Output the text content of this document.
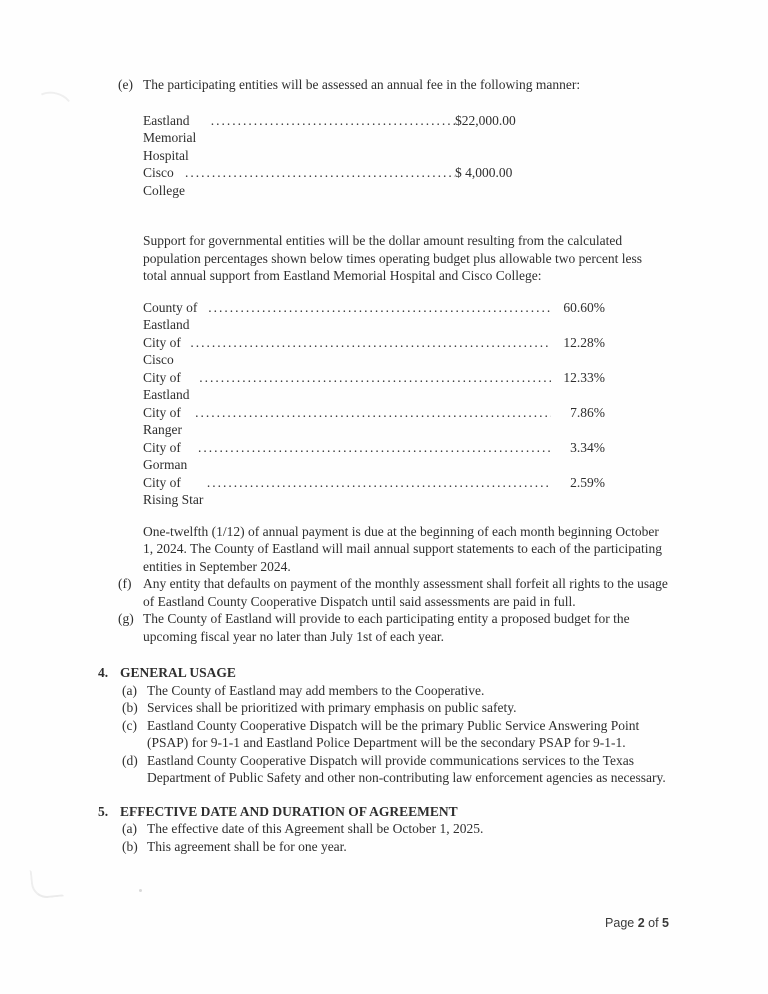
(e) The participating entities will be assessed an annual fee in the following manner:
Eastland Memorial Hospital
.....
$22,000.00
Cisco College
.....
$ 4,000.00
Support for governmental entities will be the dollar amount resulting from the calculated population percentages shown below times operating budget plus allowable two percent less total annual support from Eastland Memorial Hospital and Cisco College:
County of Eastland
.....
60.60%
City of Cisco
.....
12.28%
City of Eastland
.....
12.33%
City of Ranger
.....
7.86%
City of Gorman
.....
3.34%
City of Rising Star
.....
2.59%
One-twelfth (1/12) of annual payment is due at the beginning of each month beginning October 1, 2024. The County of Eastland will mail annual support statements to each of the participating entities in September 2024.
(f) Any entity that defaults on payment of the monthly assessment shall forfeit all rights to the usage of Eastland County Cooperative Dispatch until said assessments are paid in full.
(g) The County of Eastland will provide to each participating entity a proposed budget for the upcoming fiscal year no later than July 1st of each year.
4. GENERAL USAGE
(a) The County of Eastland may add members to the Cooperative.
(b) Services shall be prioritized with primary emphasis on public safety.
(c) Eastland County Cooperative Dispatch will be the primary Public Service Answering Point (PSAP) for 9-1-1 and Eastland Police Department will be the secondary PSAP for 9-1-1.
(d) Eastland County Cooperative Dispatch will provide communications services to the Texas Department of Public Safety and other non-contributing law enforcement agencies as necessary.
5. EFFECTIVE DATE AND DURATION OF AGREEMENT
(a) The effective date of this Agreement shall be October 1, 2025.
(b) This agreement shall be for one year.

Page 2 of 5
